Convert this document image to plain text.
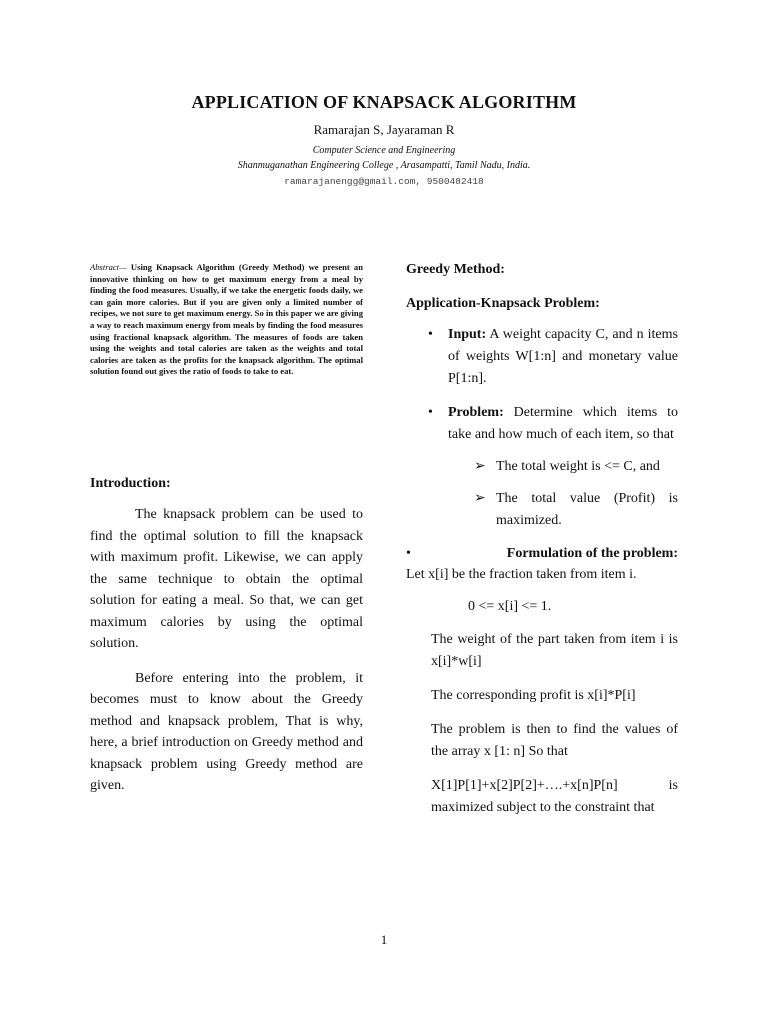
APPLICATION OF KNAPSACK ALGORITHM
Ramarajan S, Jayaraman R
Computer Science and Engineering
Shanmuganathan Engineering College , Arasampatti, Tamil Nadu, India.
ramarajanengg@gmail.com, 9500482418

Abstract— Using Knapsack Algorithm (Greedy Method) we present an innovative thinking on how to get maximum energy from a meal by finding the food measures. Usually, if we take the energetic foods daily, we can gain more calories. But if you are given only a limited number of recipes, we not sure to get maximum energy. So in this paper we are giving a way to reach maximum energy from meals by finding the food measures using fractional knapsack algorithm. The measures of foods are taken using the weights and total calories are taken as the weights and total calories are taken as the profits for the knapsack algorithm. The optimal solution found out gives the ratio of foods to take to eat.

Introduction:

The knapsack problem can be used to find the optimal solution to fill the knapsack with maximum profit. Likewise, we can apply the same technique to obtain the optimal solution for eating a meal. So that, we can get maximum calories by using the optimal solution.

Before entering into the problem, it becomes must to know about the Greedy method and knapsack problem, That is why, here, a brief introduction on Greedy method and knapsack problem using Greedy method are given.

Greedy Method:
Application-Knapsack Problem:
•	Input: A weight capacity C, and n items of weights W[1:n] and monetary value P[1:n].
•	Problem: Determine which items to take and how much of each item, so that
➢ The total weight is <= C, and
➢ The total value (Profit) is maximized.
•	Formulation of the problem:
Let x[i] be the fraction taken from item i.
0 <= x[i] <= 1.
The weight of the part taken from item i is x[i]*w[i]
The corresponding profit is x[i]*P[i]
The problem is then to find the values of the array x [1: n] So that
X[1]P[1]+x[2]P[2]+….+x[n]P[n] is maximized subject to the constraint that
1
